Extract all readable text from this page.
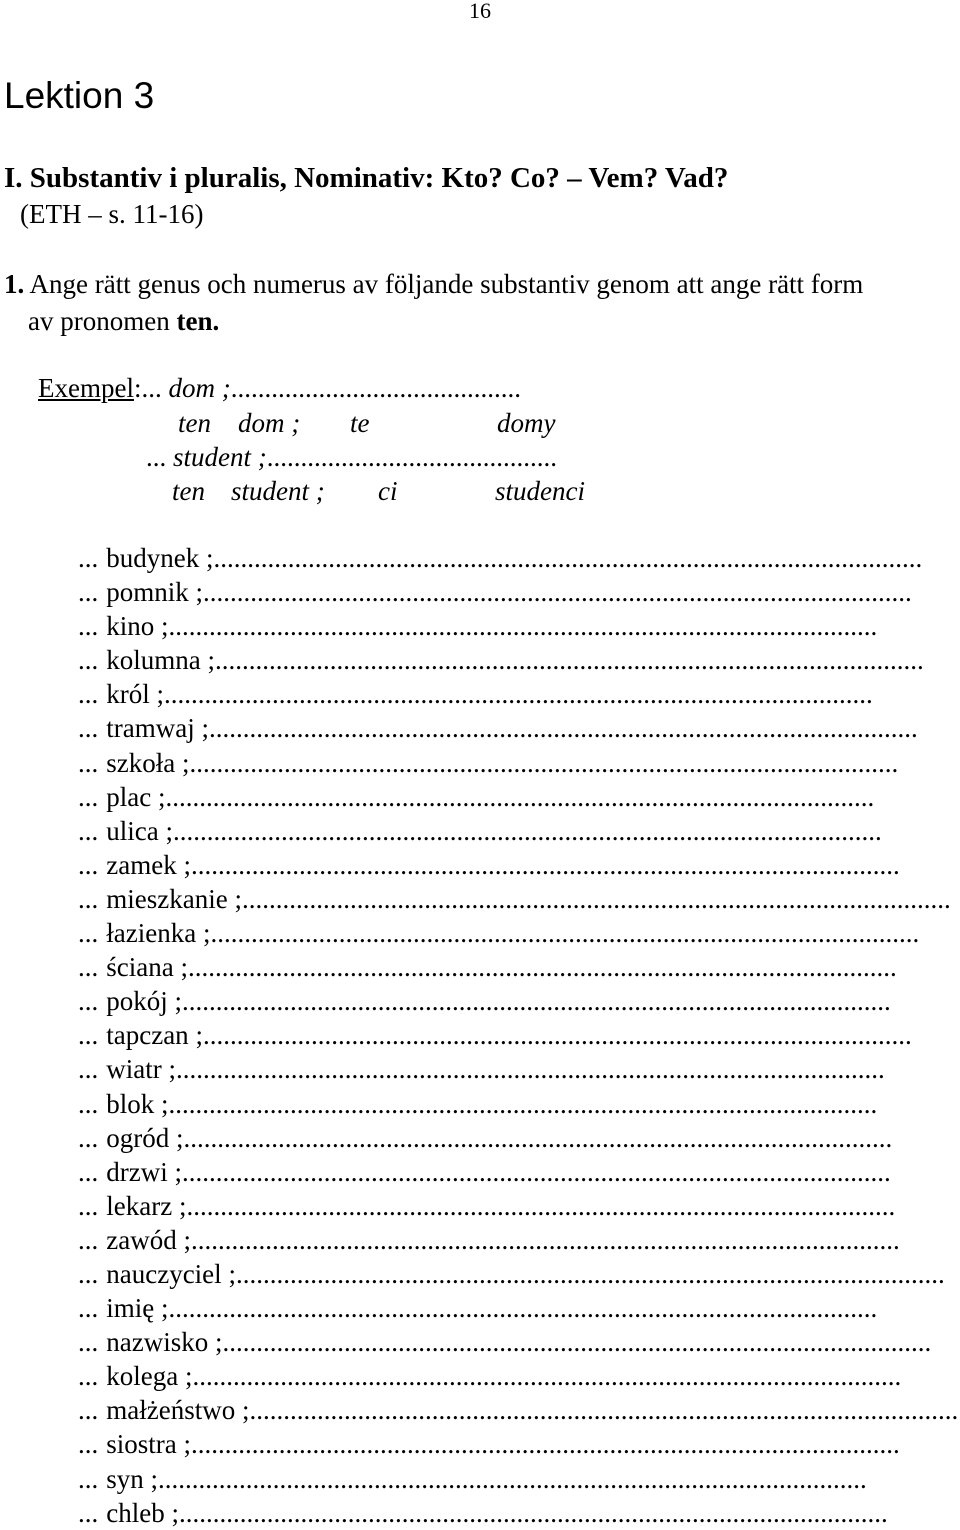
16
Lektion 3
I. Substantiv i pluralis, Nominativ: Kto? Co? – Vem? Vad?
(ETH – s. 11-16)
1. Ange rätt genus och numerus av följande substantiv genom att ange rätt form
av pronomen ten.
Exempel:... dom ;...........................................
ten dom ; te	domy
... student ;...........................................
ten student ; ci	studenci
... budynek ;.........................................................................................................
... pomnik ;.........................................................................................................
... kino ;.........................................................................................................
... kolumna ;.........................................................................................................
... król ;.........................................................................................................
... tramwaj ;.........................................................................................................
... szkoła ;.........................................................................................................
... plac ;.........................................................................................................
... ulica ;.........................................................................................................
... zamek ;.........................................................................................................
... mieszkanie ;.........................................................................................................
... łazienka ;.........................................................................................................
... ściana ;.........................................................................................................
... pokój ;.........................................................................................................
... tapczan ;.........................................................................................................
... wiatr ;.........................................................................................................
... blok ;.........................................................................................................
... ogród ;.........................................................................................................
... drzwi ;.........................................................................................................
... lekarz ;.........................................................................................................
... zawód ;.........................................................................................................
... nauczyciel ;.........................................................................................................
... imię ;.........................................................................................................
... nazwisko ;.........................................................................................................
... kolega ;.........................................................................................................
... małżeństwo ;.........................................................................................................
... siostra ;.........................................................................................................
... syn ;.........................................................................................................
... chleb ;.........................................................................................................
